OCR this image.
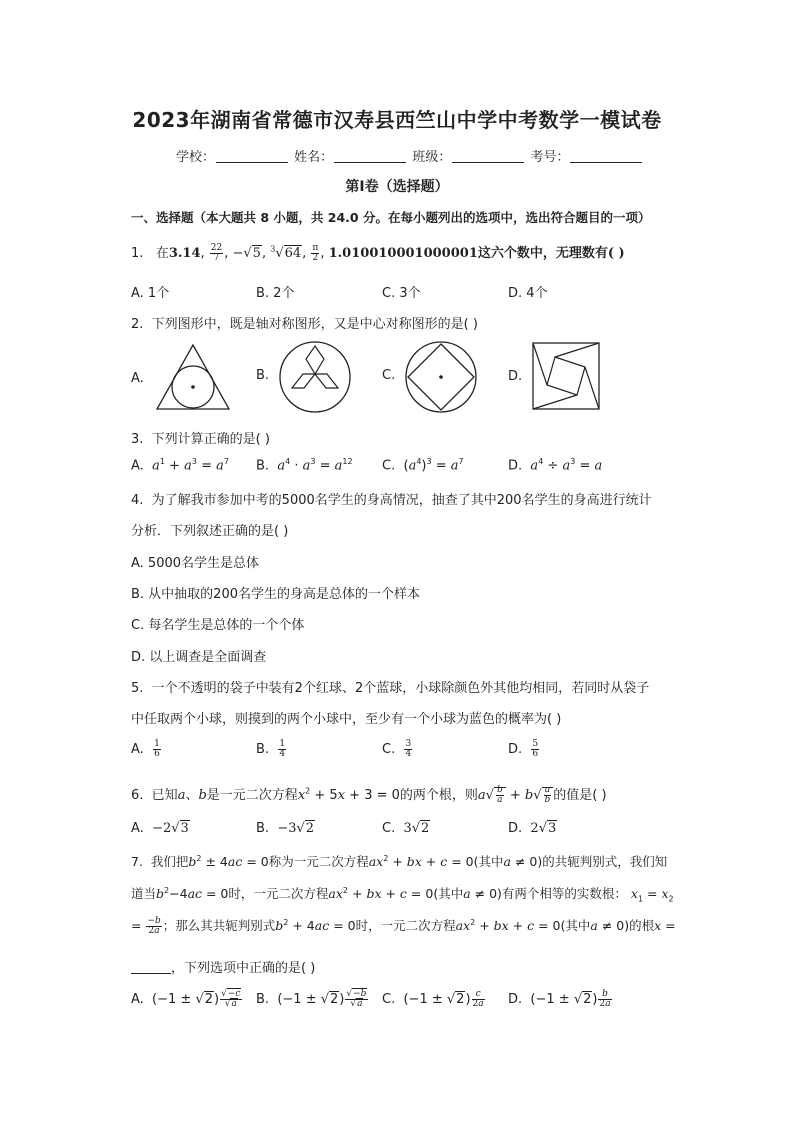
2023年湖南省常德市汉寿县西竺山中学中考数学一模试卷
学校：	姓名：	班级：	考号：
第I卷（选择题）
一、选择题（本大题共 8 小题，共 24.0 分。在每小题列出的选项中，选出符合题目的一项）
1. 在3.14, $\frac{22}{7}$ , −√5, $^3$√64, $\frac{\pi}{2}$ , 1.010010001000001这六个数中，无理数有( )
A. 1个	B. 2个	C. 3个	D. 4个
2. 下列图形中，既是轴对称图形，又是中心对称图形的是( )
A.	B.	C.	D.
3. 下列计算正确的是( )
A. $a^1 + a^3 = a^7$ B. $a^4 \cdot a^3 = a^{12}$ C.  $(a^4)^3 = a^7$	D. $a^4 \div a^3 = a$
4. 为了解我市参加中考的5000名学生的身高情况，抽查了其中200名学生的身高进行统计
分析．下列叙述正确的是( )
A. 5000名学生是总体
B. 从中抽取的200名学生的身高是总体的一个样本
C. 每名学生是总体的一个个体
D. 以上调查是全面调查
5. 一个不透明的袋子中装有2个红球、2个蓝球，小球除颜色外其他均相同，若同时从袋子
中任取两个小球，则摸到的两个小球中，至少有一个小球为蓝色的概率为( )
A. $\frac{1}{6}$	B. $\frac{1}{4}$	C. $\frac{3}{4}$	D. $\frac{5}{6}$
6. 已知a、b是一元二次方程$x^2 + 5x + 3 = 0$的两个根，则$a√ \frac{b}{a} + b√ \frac{a}{b}$ 的值是( )
A. −2√3	B. −3√2	C. 3√2	D. 2√3
7. 我们把$b^2 \pm 4ac = 0$称为一元二次方程$ax^2$ + bx + c = 0(其中a ≠ 0)的共轭判别式，我们知
道当$b^2-4ac = 0$时，一元二次方程$ax^2$ + bx + c = 0(其中a ≠ 0)有两个相等的实数根： $x_1 = x_2$
= $\frac{-b}{2a}$ ；那么其共轭判别式$b^2 + 4ac = 0$时，一元二次方程$ax^2$ + bx + c = 0(其中a ≠ 0)的根x =
，下列选项中正确的是( )
A.  $(-1 \pm √2) \frac{√-c}{√a} B$.  $(-1 \pm √2) \frac{√-b}{√a} C$.  $(-1 \pm √2) \frac{c}{2a} D$.  $(-1 \pm √2) \frac{b}{2a}$
